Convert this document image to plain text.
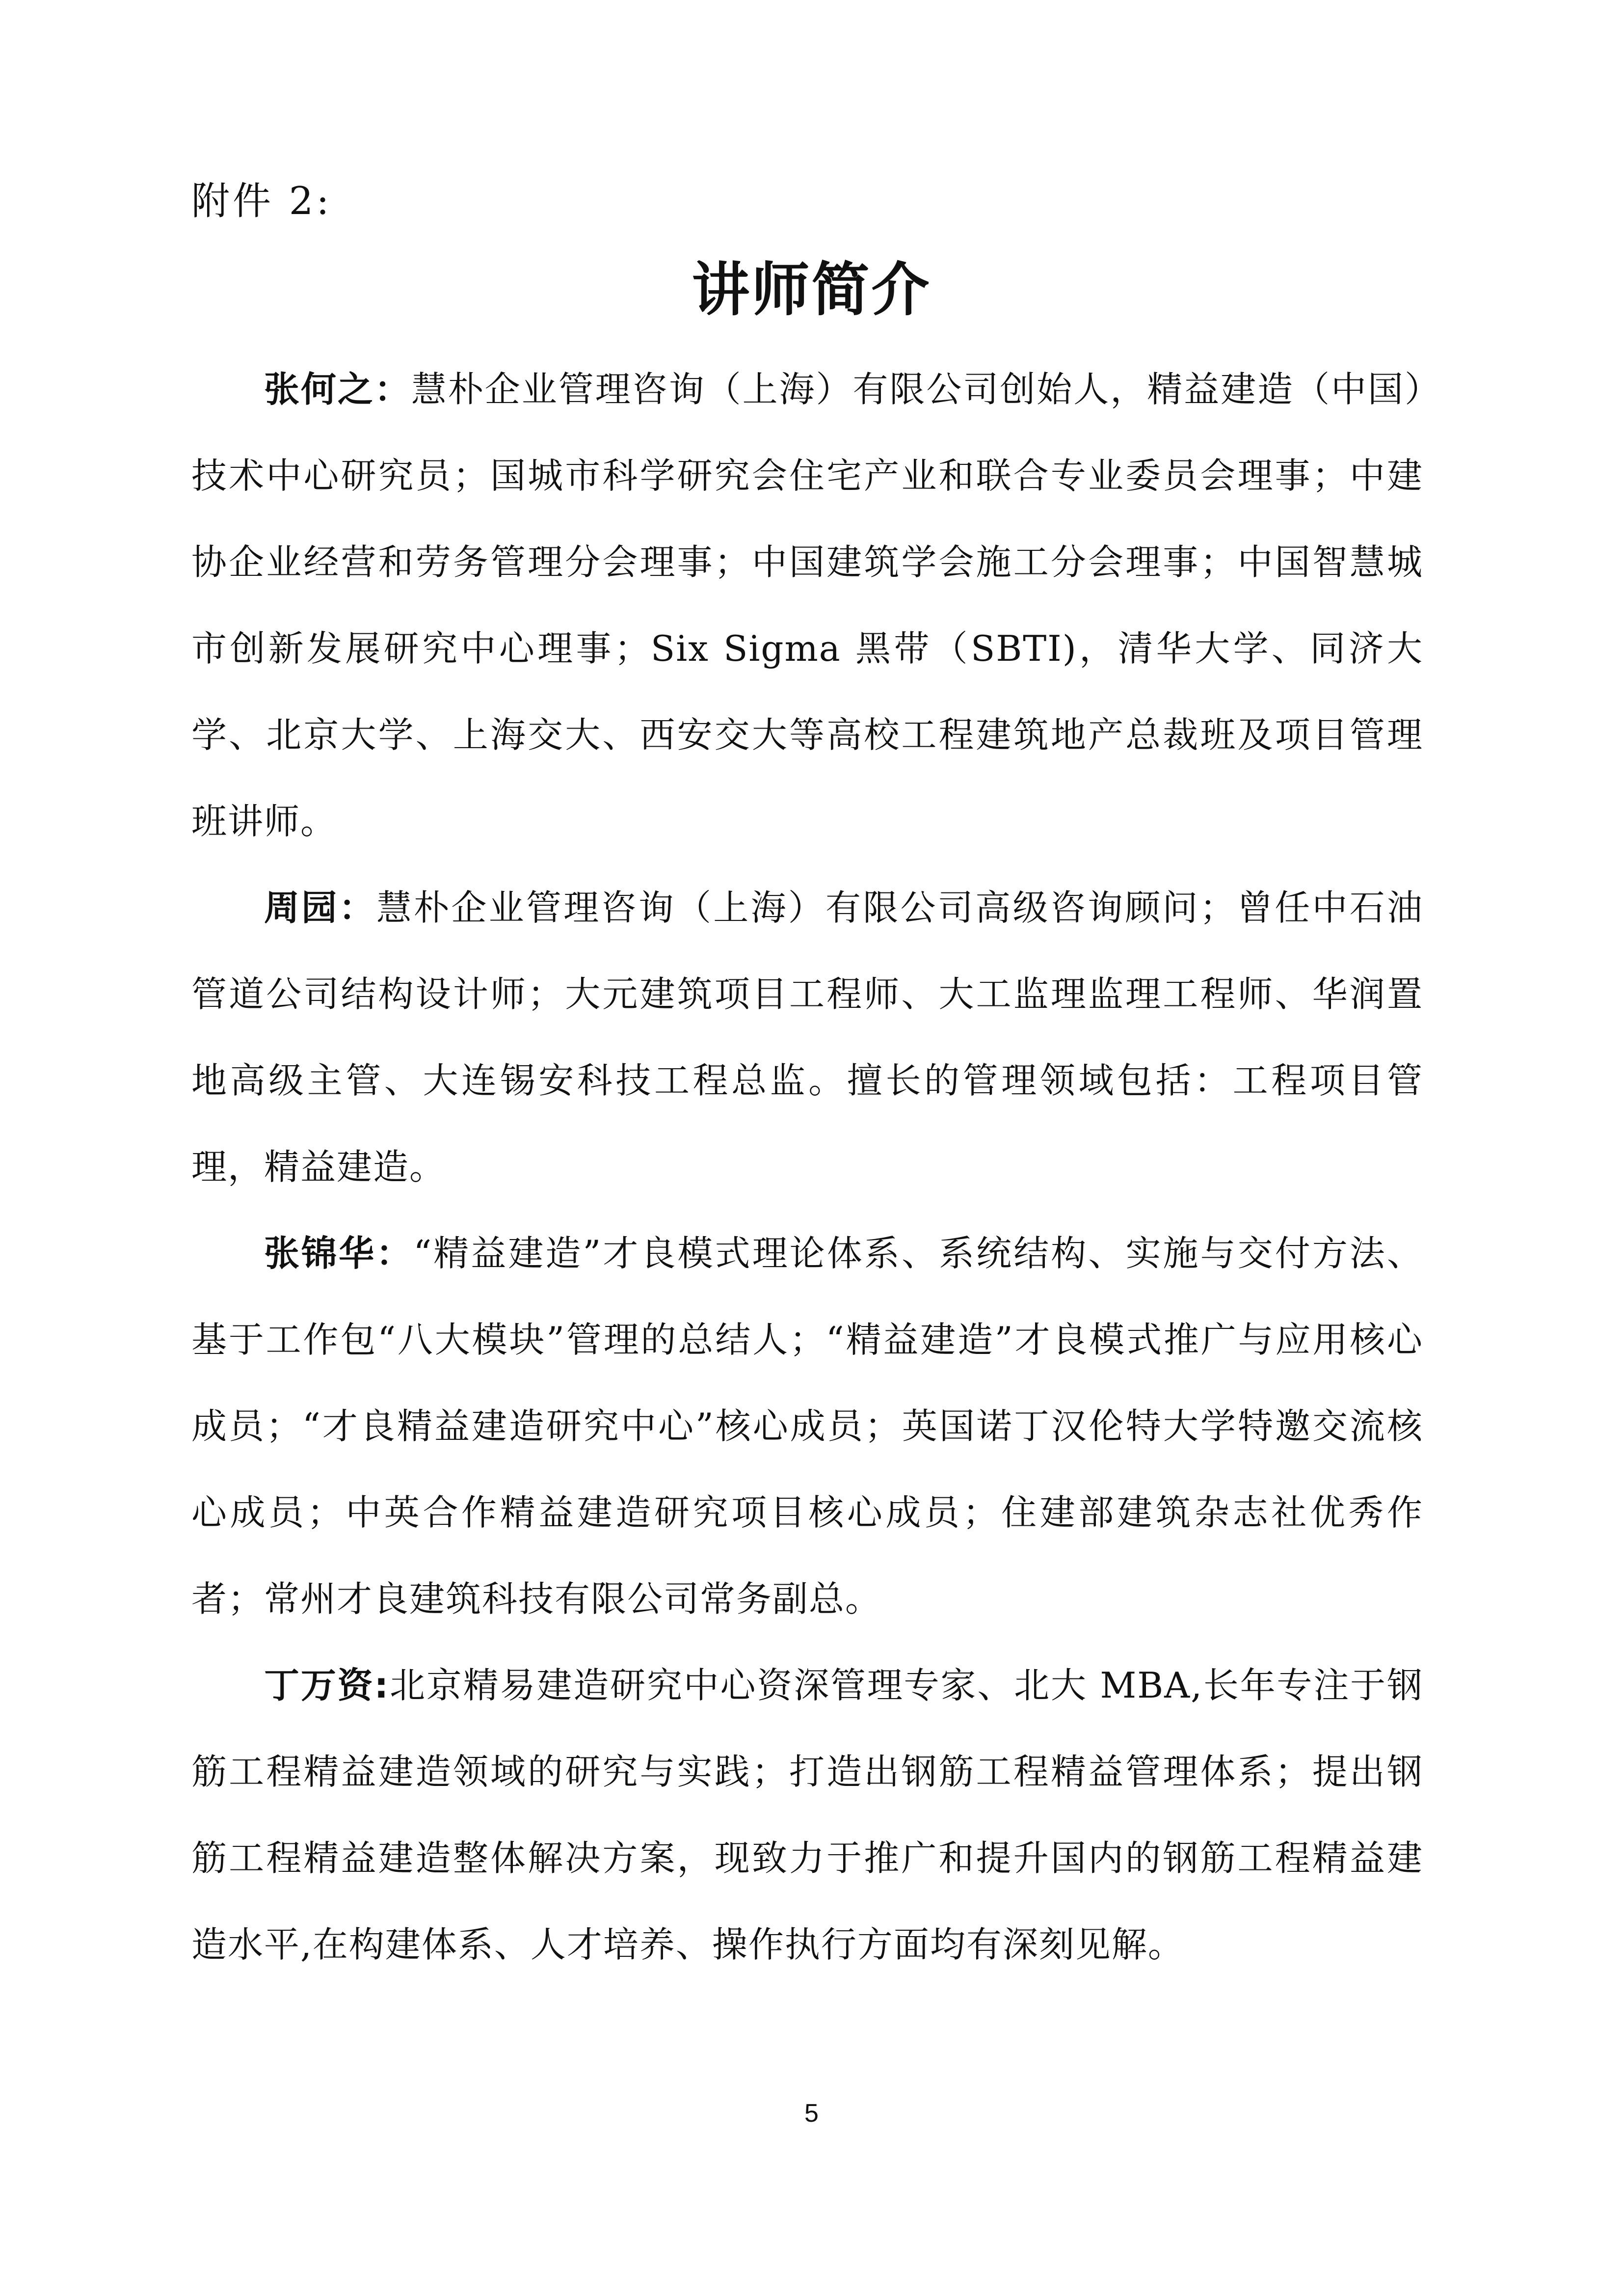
附件 2:
讲师简介

张何之：慧朴企业管理咨询（上海）有限公司创始人，精益建造（中国）技术中心研究员；国城市科学研究会住宅产业和联合专业委员会理事；中建协企业经营和劳务管理分会理事；中国建筑学会施工分会理事；中国智慧城市创新发展研究中心理事；Six Sigma 黑带（SBTI)，清华大学、同济大学、北京大学、上海交大、西安交大等高校工程建筑地产总裁班及项目管理班讲师。

周园：慧朴企业管理咨询（上海）有限公司高级咨询顾问；曾任中石油管道公司结构设计师；大元建筑项目工程师、大工监理监理工程师、华润置地高级主管、大连锡安科技工程总监。擅长的管理领域包括：工程项目管理，精益建造。

张锦华：“精益建造”才良模式理论体系、系统结构、实施与交付方法、基于工作包“八大模块”管理的总结人；“精益建造”才良模式推广与应用核心成员；“才良精益建造研究中心”核心成员；英国诺丁汉伦特大学特邀交流核心成员；中英合作精益建造研究项目核心成员；住建部建筑杂志社优秀作者；常州才良建筑科技有限公司常务副总。

丁万资:北京精易建造研究中心资深管理专家、北大 MBA,长年专注于钢筋工程精益建造领域的研究与实践；打造出钢筋工程精益管理体系；提出钢筋工程精益建造整体解决方案，现致力于推广和提升国内的钢筋工程精益建造水平,在构建体系、人才培养、操作执行方面均有深刻见解。

5
